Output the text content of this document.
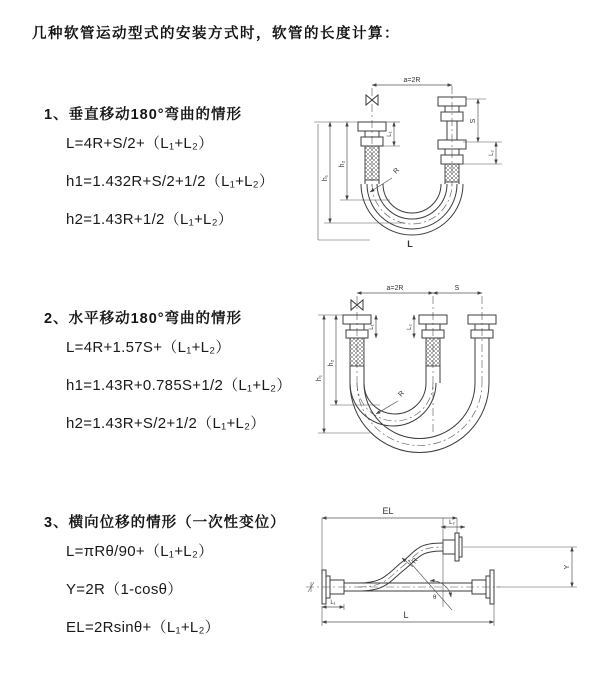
几种软管运动型式的安装方式时，软管的长度计算：
1、垂直移动180°弯曲的情形

L=4R+S/2+（L₁+L₂）

h1=1.432R+S/2+1/2（L₁+L₂）

h2=1.43R+1/2（L₁+L₂）

a=2R
h₁
h₂
L₁
S
L₂
R
L
2、水平移动180°弯曲的情形

L=4R+1.57S+（L₁+L₂）

h1=1.43R+0.785S+1/2（L₁+L₂）

h2=1.43R+S/2+1/2（L₁+L₂）

a=2R	S
h₁
h₂
L₁	L₂
R
3、横向位移的情形（一次性变位）

L=πRθ/90+（L₁+L₂）

Y=2R（1-cosθ）

EL=2Rsinθ+（L₁+L₂）

θ
R
EL
L₂
Y
L
L₁
